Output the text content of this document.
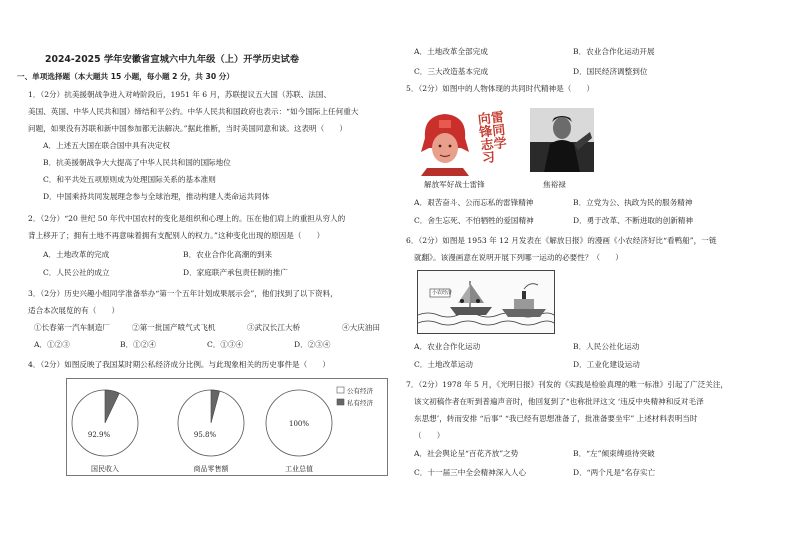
2024-2025 学年安徽省宣城六中九年级（上）开学历史试卷
一、单项选择题（本大题共 15 小题，每小题 2 分，共 30 分）
1．（2分）抗美援朝战争进入对峙阶段后，1951 年 6 月，苏联提议五大国（苏联、法国、
美国、英国、中华人民共和国）缔结和平公约。中华人民共和国政府也表示：“如今国际上任何重大
问题，如果没有苏联和新中国参加都无法解决。”据此推断，当时美国同意和谈。这表明（　　）
A．上述五大国在联合国中具有决定权
B．抗美援朝战争大大提高了中华人民共和国的国际地位
C．和平共处五项原则成为处理国际关系的基本准则
D．中国乘持共同发展理念参与全球治理，推动构建人类命运共同体
2．（2分）“20 世纪 50 年代中国农村的变化是组织和心理上的。压在他们肩上的重担从穷人的
背上移开了；拥有土地不再意味着拥有支配别人的权力。”这种变化出现的原因是（　　）
A．土地改革的完成	B．农业合作化高潮的到来
C．人民公社的成立	D．家庭联产承包责任制的推广
3．（2分）历史兴趣小组同学准备举办“第一个五年计划成果展示会”，他们找到了以下资料，
适合本次展览的有（　　）
①长春第一汽车制造厂	②第一批国产喷气式飞机	③武汉长江大桥	④大庆油田
A．①②③	B．①②④	C．①③④	D．②③④
4．（2分）如图反映了我国某时期公私经济成分比例。与此现象相关的历史事件是（　　）
92.9%
国民收入
95.8%
商品零售额
100%
工业总值
公有经济
私有经济
A．土地改革全部完成	B．农业合作化运动开展
C．三大改造基本完成	D．国民经济调整到位
5．（2分）如图中的人物体现的共同时代精神是（　　）
向雷锋同志学习
解放军好战士雷锋	焦裕禄
A．艰苦奋斗、公而忘私的雷锋精神	B．立党为公、执政为民的服务精神
C．舍生忘死、不怕牺牲的爱国精神	D．勇于改革、不断进取的创新精神
6．（2分）如图是 1953 年 12 月发表在《解放日报》的漫画《小农经济好比“看鸭船”，一链
就翻》。该漫画意在说明开展下列哪一运动的必要性？（　　）
小农经济
A．农业合作化运动	B．人民公社化运动
C．土地改革运动	D．工业化建设运动
7．（2分）1978 年 5 月，《光明日报》刊发的《实践是检验真理的唯一标准》引起了广泛关注，
该文初稿作者在听到普遍声音时，他回复到了“也称批评这文 ‘违反中央精神和反对毛泽
东思想’，转而安排 “后事” “我已经有思想准备了，批准备要坐牢” 上述材料表明当时
（　　）
A．社会舆论呈“百花齐放”之势	B．“左”倾束缚亟待突破
C．十一届三中全会精神深入人心	D．“两个凡是”名存实亡
